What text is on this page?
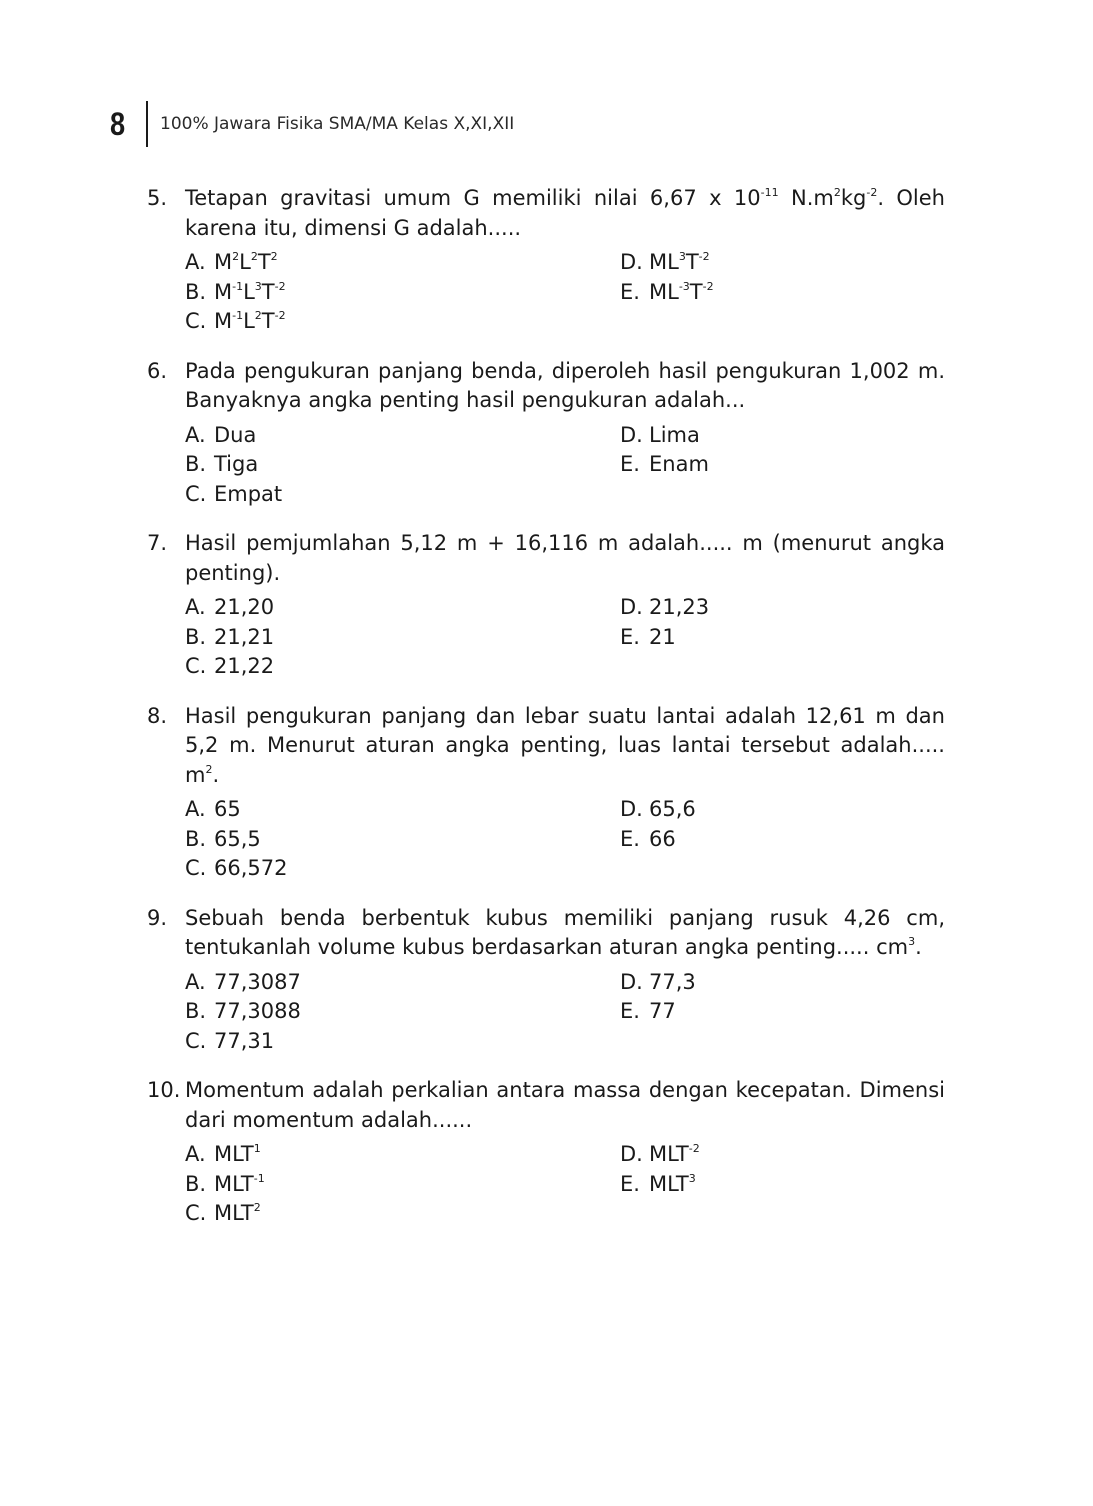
8	100% Jawara Fisika SMA/MA Kelas X,XI,XII
5. Tetapan gravitasi umum G memiliki nilai 6,67 x $10^{-11}$ $N.m^2kg^{-2}$. Oleh karena itu, dimensi G adalah.....
A. $M^2L^2T^2$	D. $ML^3T^{-2}$
B. $M^{-1}L^3T^{-2}$	E. $ML^{-3}T^{-2}$
C. $M^{-1}L^2T^{-2}$
6. Pada pengukuran panjang benda, diperoleh hasil pengukuran 1,002 m. Banyaknya angka penting hasil pengukuran adalah...
A. Dua	D. Lima
B. Tiga	E. Enam
C. Empat
7. Hasil pemjumlahan 5,12 m + 16,116 m adalah..... m (menurut angka penting).
A. 21,20	D. 21,23
B. 21,21	E. 21
C. 21,22
8. Hasil pengukuran panjang dan lebar suatu lantai adalah 12,61 m dan 5,2 m. Menurut aturan angka penting, luas lantai tersebut adalah..... $m^2$.
A. 65	D. 65,6
B. 65,5	E. 66
C. 66,572
9. Sebuah benda berbentuk kubus memiliki panjang rusuk 4,26 cm, tentukanlah volume kubus berdasarkan aturan angka penting..... $cm^3$.
A. 77,3087	D. 77,3
B. 77,3088	E. 77
C. 77,31
10. Momentum adalah perkalian antara massa dengan kecepatan. Dimensi dari momentum adalah......
A. MLT$^1$	D. $MLT^{-2}$
B. $MLT^{-1}$	E. MLT$^3$
C. MLT$^2$
